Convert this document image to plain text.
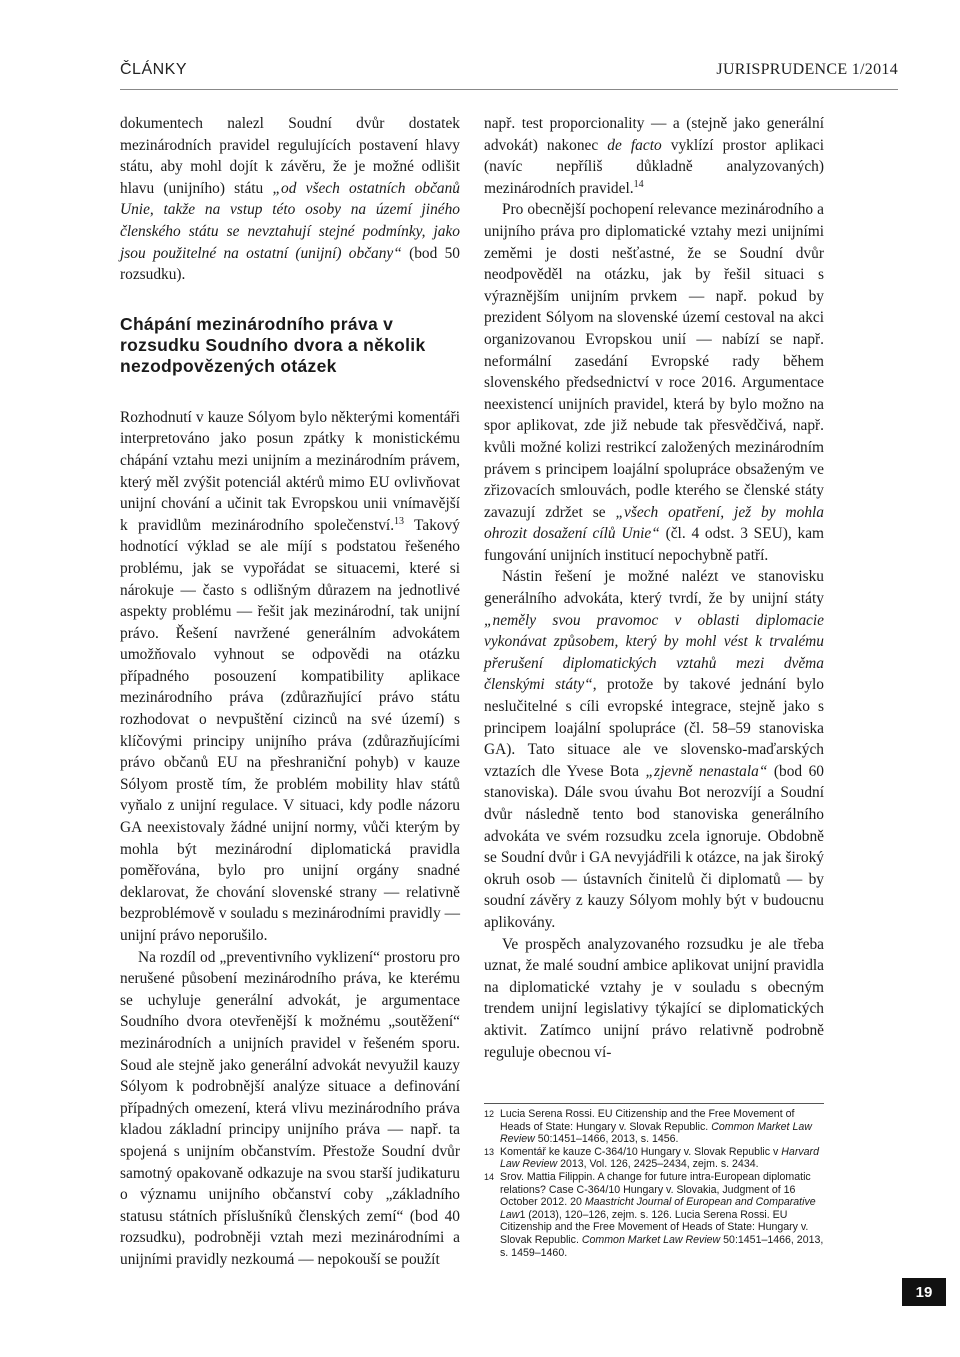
ČLÁNKY	JURISPRUDENCE 1/2014

dokumentech nalezl Soudní dvůr dostatek mezinárodních pravidel regulujících postavení hlavy státu, aby mohl dojít k závěru, že je možné odlišit hlavu (unijního) státu „od všech ostatních občanů Unie, takže na vstup této osoby na území jiného členského státu se nevztahují stejné podmínky, jako jsou použitelné na ostatní (unijní) občany“ (bod 50 rozsudku).

Chápání mezinárodního práva v rozsudku Soudního dvora a několik nezodpovězených otázek

Rozhodnutí v kauze Sólyom bylo některými komentáři interpretováno jako posun zpátky k monistickému chápání vztahu mezi unijním a mezinárodním právem, který měl zvýšit potenciál aktérů mimo EU ovlivňovat unijní chování a učinit tak Evropskou unii vnímavější k pravidlům mezinárodního společenství.$^{13}$ Takový hodnotící výklad se ale míjí s podstatou řešeného problému, jak se vypořádat se situacemi, které si nárokuje — často s odlišným důrazem na jednotlivé aspekty problému — řešit jak mezinárodní, tak unijní právo. Řešení navržené generálním advokátem umožňovalo vyhnout se odpovědi na otázku případného posouzení kompatibility aplikace mezinárodního práva (zdůrazňující právo státu rozhodovat o nevpuštění cizinců na své území) s klíčovými principy unijního práva (zdůrazňujícími právo občanů EU na přeshraniční pohyb) v kauze Sólyom prostě tím, že problém mobility hlav států vyňalo z unijní regulace. V situaci, kdy podle názoru GA neexistovaly žádné unijní normy, vůči kterým by mohla být mezinárodní diplomatická pravidla poměřována, bylo pro unijní orgány snadné deklarovat, že chování slovenské strany — relativně bezproblémově v souladu s mezinárodními pravidly — unijní právo neporušilo.

Na rozdíl od „preventivního vyklizení“ prostoru pro nerušené působení mezinárodního práva, ke kterému se uchyluje generální advokát, je argumentace Soudního dvora otevřenější k možnému „soutěžení“ mezinárodních a unijních pravidel v řešeném sporu. Soud ale stejně jako generální advokát nevyužil kauzy Sólyom k podrobnější analýze situace a definování případných omezení, která vlivu mezinárodního práva kladou základní principy unijního práva — např. ta spojená s unijním občanstvím. Přestože Soudní dvůr samotný opakovaně odkazuje na svou starší judikaturu o významu unijního občanství coby „základního statusu státních příslušníků členských zemí“ (bod 40 rozsudku), podrobněji vztah mezi mezinárodními a unijními pravidly nezkoumá — nepokouší se použít

např. test proporcionality — a (stejně jako generální advokát) nakonec de facto vyklízí prostor aplikaci (navíc nepříliš důkladně analyzovaných) mezinárodních pravidel.$^{14}$

Pro obecnější pochopení relevance mezinárodního a unijního práva pro diplomatické vztahy mezi unijními zeměmi je dosti nešťastné, že se Soudní dvůr neodpověděl na otázku, jak by řešil situaci s výraznějším unijním prvkem — např. pokud by prezident Sólyom na slovenské území cestoval na akci organizovanou Evropskou unií — nabízí se např. neformální zasedání Evropské rady během slovenského předsednictví v roce 2016. Argumentace neexistencí unijních pravidel, která by bylo možno na spor aplikovat, zde již nebude tak přesvědčivá, např. kvůli možné kolizi restrikcí založených mezinárodním právem s principem loajální spolupráce obsaženým ve zřizovacích smlouvách, podle kterého se členské státy zavazují zdržet se „všech opatření, jež by mohla ohrozit dosažení cílů Unie“ (čl. 4 odst. 3 SEU), kam fungování unijních institucí nepochybně patří.

Nástin řešení je možné nalézt ve stanovisku generálního advokáta, který tvrdí, že by unijní státy „neměly svou pravomoc v oblasti diplomacie vykonávat způsobem, který by mohl vést k trvalému přerušení diplomatických vztahů mezi dvěma členskými státy“, protože by takové jednání bylo neslučitelné s cíli evropské integrace, stejně jako s principem loajální spolupráce (čl. 58–59 stanoviska GA). Tato situace ale ve slovensko-maďarských vztazích dle Yvese Bota „zjevně nenastala“ (bod 60 stanoviska). Dále svou úvahu Bot nerozvíjí a Soudní dvůr následně tento bod stanoviska generálního advokáta ve svém rozsudku zcela ignoruje. Obdobně se Soudní dvůr i GA nevyjádřili k otázce, na jak široký okruh osob — ústavních činitelů či diplomatů — by soudní závěry z kauzy Sólyom mohly být v budoucnu aplikovány.

Ve prospěch analyzovaného rozsudku je ale třeba uznat, že malé soudní ambice aplikovat unijní pravidla na diplomatické vztahy je v souladu s obecným trendem unijní legislativy týkající se diplomatických aktivit. Zatímco unijní právo relativně podrobně reguluje obecnou ví-

12 Lucia Serena Rossi. EU Citizenship and the Free Movement of Heads of State: Hungary v. Slovak Republic. Common Market Law Review 50:1451–1466, 2013, s. 1456.
13 Komentář ke kauze C-364/10 Hungary v. Slovak Republic v Harvard Law Review 2013, Vol. 126, 2425–2434, zejm. s. 2434.
14 Srov. Mattia Filippin. A change for future intra-European diplomatic relations? Case C-364/10 Hungary v. Slovakia, Judgment of 16 October 2012. 20 Maastricht Journal of European and Comparative Law1 (2013), 120–126, zejm. s. 126. Lucia Serena Rossi. EU Citizenship and the Free Movement of Heads of State: Hungary v. Slovak Republic. Common Market Law Review 50:1451–1466, 2013, s. 1459–1460.
19
